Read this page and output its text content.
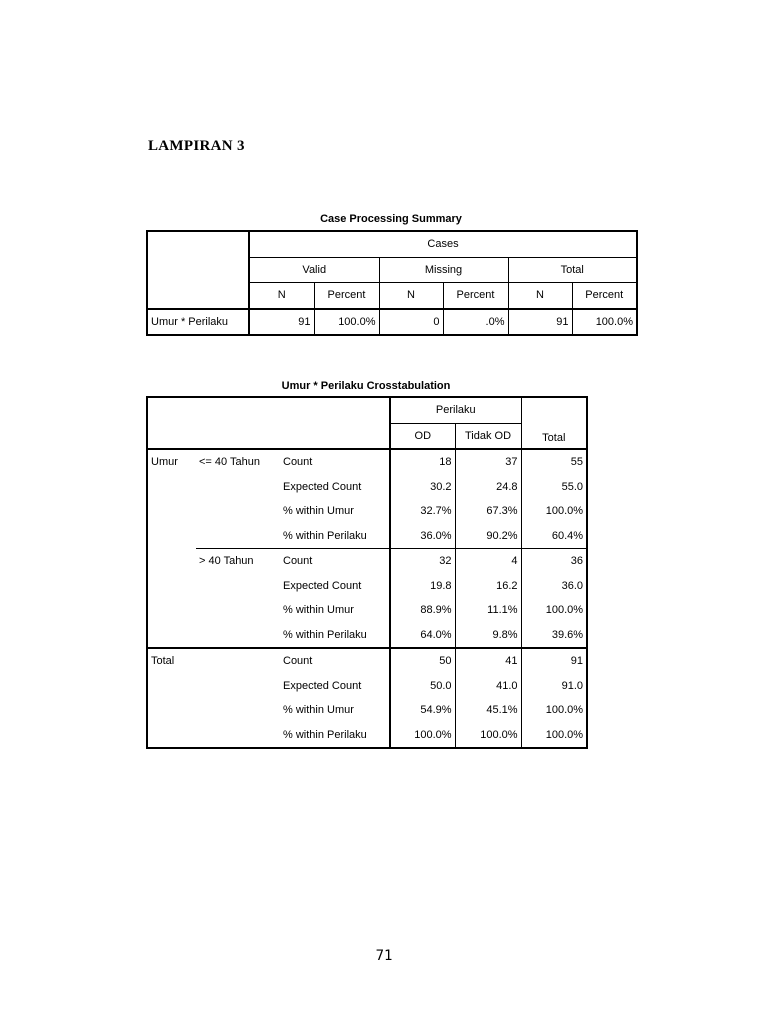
LAMPIRAN 3
Case Processing Summary
	Cases					
	Valid		Missing		Total	
	N	Percent	N	Percent	N	Percent
Umur * Perilaku	91	100.0%	0	.0%	91	100.0%
Umur * Perilaku Crosstabulation
			Perilaku		Total
			OD	Tidak OD	
Umur	<= 40 Tahun	Count	18	37	55
		Expected Count	30.2	24.8	55.0
		% within Umur	32.7%	67.3%	100.0%
		% within Perilaku	36.0%	90.2%	60.4%
	> 40 Tahun	Count	32	4	36
		Expected Count	19.8	16.2	36.0
		% within Umur	88.9%	11.1%	100.0%
		% within Perilaku	64.0%	9.8%	39.6%
Total		Count	50	41	91
		Expected Count	50.0	41.0	91.0
		% within Umur	54.9%	45.1%	100.0%
		% within Perilaku	100.0%	100.0%	100.0%
71
